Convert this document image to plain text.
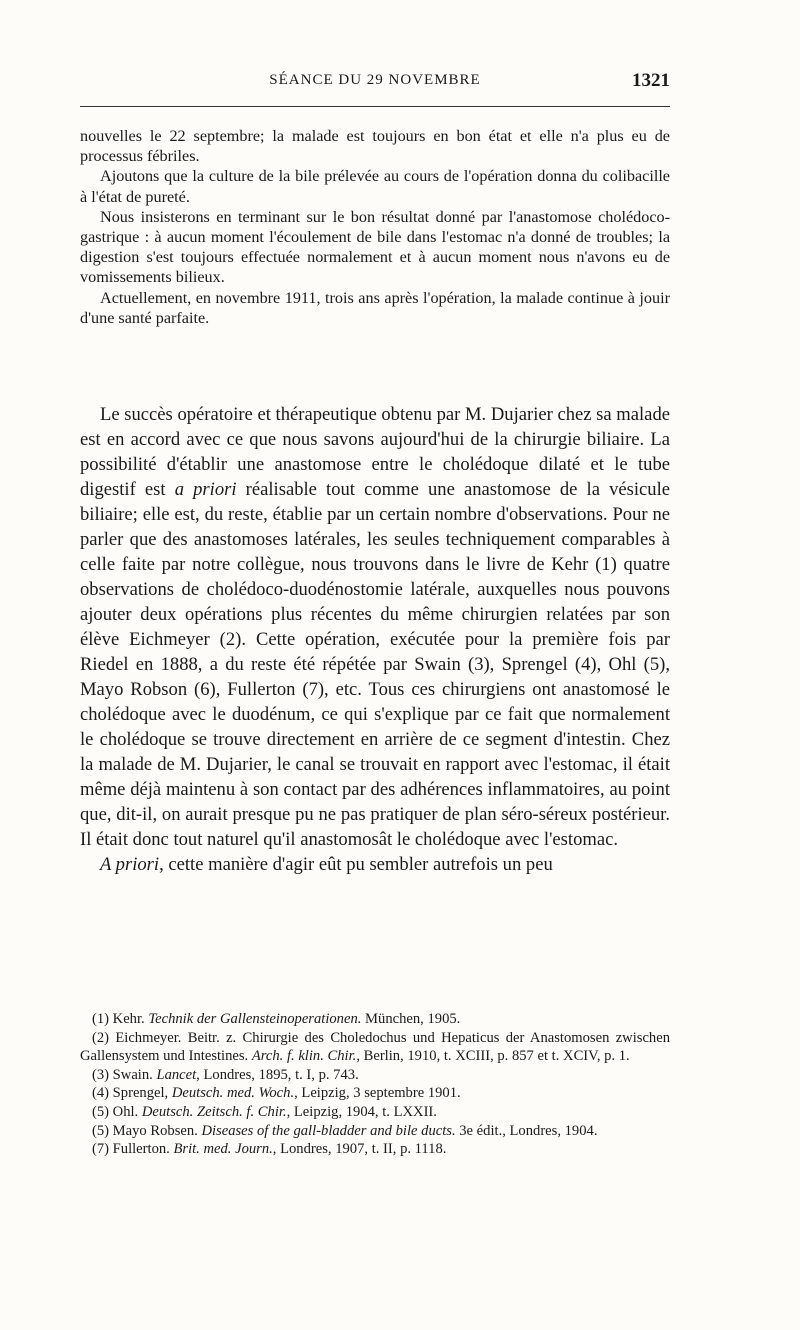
SÉANCE DU 29 NOVEMBRE	1321

nouvelles le 22 septembre; la malade est toujours en bon état et elle n'a plus eu de processus fébriles.

Ajoutons que la culture de la bile prélevée au cours de l'opération donna du colibacille à l'état de pureté.

Nous insisterons en terminant sur le bon résultat donné par l'anastomose cholédoco-gastrique : à aucun moment l'écoulement de bile dans l'estomac n'a donné de troubles; la digestion s'est toujours effectuée normalement et à aucun moment nous n'avons eu de vomissements bilieux.

Actuellement, en novembre 1911, trois ans après l'opération, la malade continue à jouir d'une santé parfaite.

Le succès opératoire et thérapeutique obtenu par M. Dujarier chez sa malade est en accord avec ce que nous savons aujourd'hui de la chirurgie biliaire. La possibilité d'établir une anastomose entre le cholédoque dilaté et le tube digestif est a priori réalisable tout comme une anastomose de la vésicule biliaire; elle est, du reste, établie par un certain nombre d'observations. Pour ne parler que des anastomoses latérales, les seules techniquement comparables à celle faite par notre collègue, nous trouvons dans le livre de Kehr (1) quatre observations de cholédoco-duodénostomie latérale, auxquelles nous pouvons ajouter deux opérations plus récentes du même chirurgien relatées par son élève Eichmeyer (2). Cette opération, exécutée pour la première fois par Riedel en 1888, a du reste été répétée par Swain (3), Sprengel (4), Ohl (5), Mayo Robson (6), Fullerton (7), etc. Tous ces chirurgiens ont anastomosé le cholédoque avec le duodénum, ce qui s'explique par ce fait que normalement le cholédoque se trouve directement en arrière de ce segment d'intestin. Chez la malade de M. Dujarier, le canal se trouvait en rapport avec l'estomac, il était même déjà maintenu à son contact par des adhérences inflammatoires, au point que, dit-il, on aurait presque pu ne pas pratiquer de plan séro-séreux postérieur. Il était donc tout naturel qu'il anastomosât le cholédoque avec l'estomac.

A priori, cette manière d'agir eût pu sembler autrefois un peu

(1) Kehr. Technik der Gallensteinoperationen. München, 1905.

(2) Eichmeyer. Beitr. z. Chirurgie des Choledochus und Hepaticus der Anastomosen zwischen Gallensystem und Intestines. Arch. f. klin. Chir., Berlin, 1910, t. XCIII, p. 857 et t. XCIV, p. 1.

(3) Swain. Lancet, Londres, 1895, t. I, p. 743.

(4) Sprengel, Deutsch. med. Woch., Leipzig, 3 septembre 1901.

(5) Ohl. Deutsch. Zeitsch. f. Chir., Leipzig, 1904, t. LXXII.

(5) Mayo Robsen. Diseases of the gall-bladder and bile ducts. 3e édit., Londres, 1904.

(7) Fullerton. Brit. med. Journ., Londres, 1907, t. II, p. 1118.
